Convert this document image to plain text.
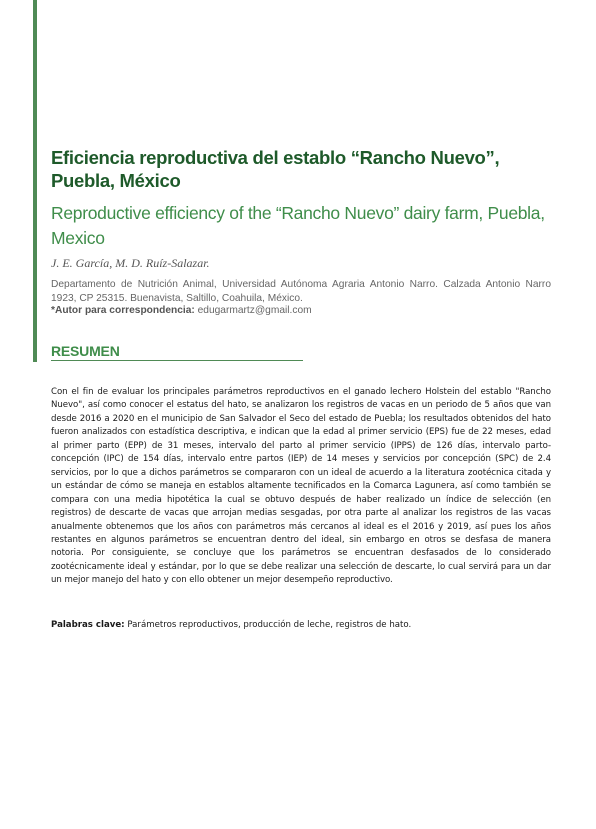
Eficiencia reproductiva del establo “Rancho Nuevo”, Puebla, México
Reproductive efficiency of the “Rancho Nuevo” dairy farm, Puebla, Mexico
J. E. García, M. D. Ruíz-Salazar.
Departamento de Nutrición Animal, Universidad Autónoma Agraria Antonio Narro. Calzada Antonio Narro 1923, CP 25315. Buenavista, Saltillo, Coahuila, México.
*Autor para correspondencia: edugarmartz@gmail.com
RESUMEN

Con el fin de evaluar los principales parámetros reproductivos en el ganado lechero Holstein del establo "Rancho Nuevo", así como conocer el estatus del hato, se analizaron los registros de vacas en un periodo de 5 años que van desde 2016 a 2020 en el municipio de San Salvador el Seco del estado de Puebla; los resultados obtenidos del hato fueron analizados con estadística descriptiva, e indican que la edad al primer servicio (EPS) fue de 22 meses, edad al primer parto (EPP) de 31 meses, intervalo del parto al primer servicio (IPPS) de 126 días, intervalo parto-concepción (IPC) de 154 días, intervalo entre partos (IEP) de 14 meses y servicios por concepción (SPC) de 2.4 servicios, por lo que a dichos parámetros se compararon con un ideal de acuerdo a la literatura zootécnica citada y un estándar de cómo se maneja en establos altamente tecnificados en la Comarca Lagunera, así como también se compara con una media hipotética la cual se obtuvo después de haber realizado un índice de selección (en registros) de descarte de vacas que arrojan medias sesgadas, por otra parte al analizar los registros de las vacas anualmente obtenemos que los años con parámetros más cercanos al ideal es el 2016 y 2019, así pues los años restantes en algunos parámetros se encuentran dentro del ideal, sin embargo en otros se desfasa de manera notoria. Por consiguiente, se concluye que los parámetros se encuentran desfasados de lo considerado zootécnicamente ideal y estándar, por lo que se debe realizar una selección de descarte, lo cual servirá para un dar un mejor manejo del hato y con ello obtener un mejor desempeño reproductivo.

Palabras clave: Parámetros reproductivos, producción de leche, registros de hato.
